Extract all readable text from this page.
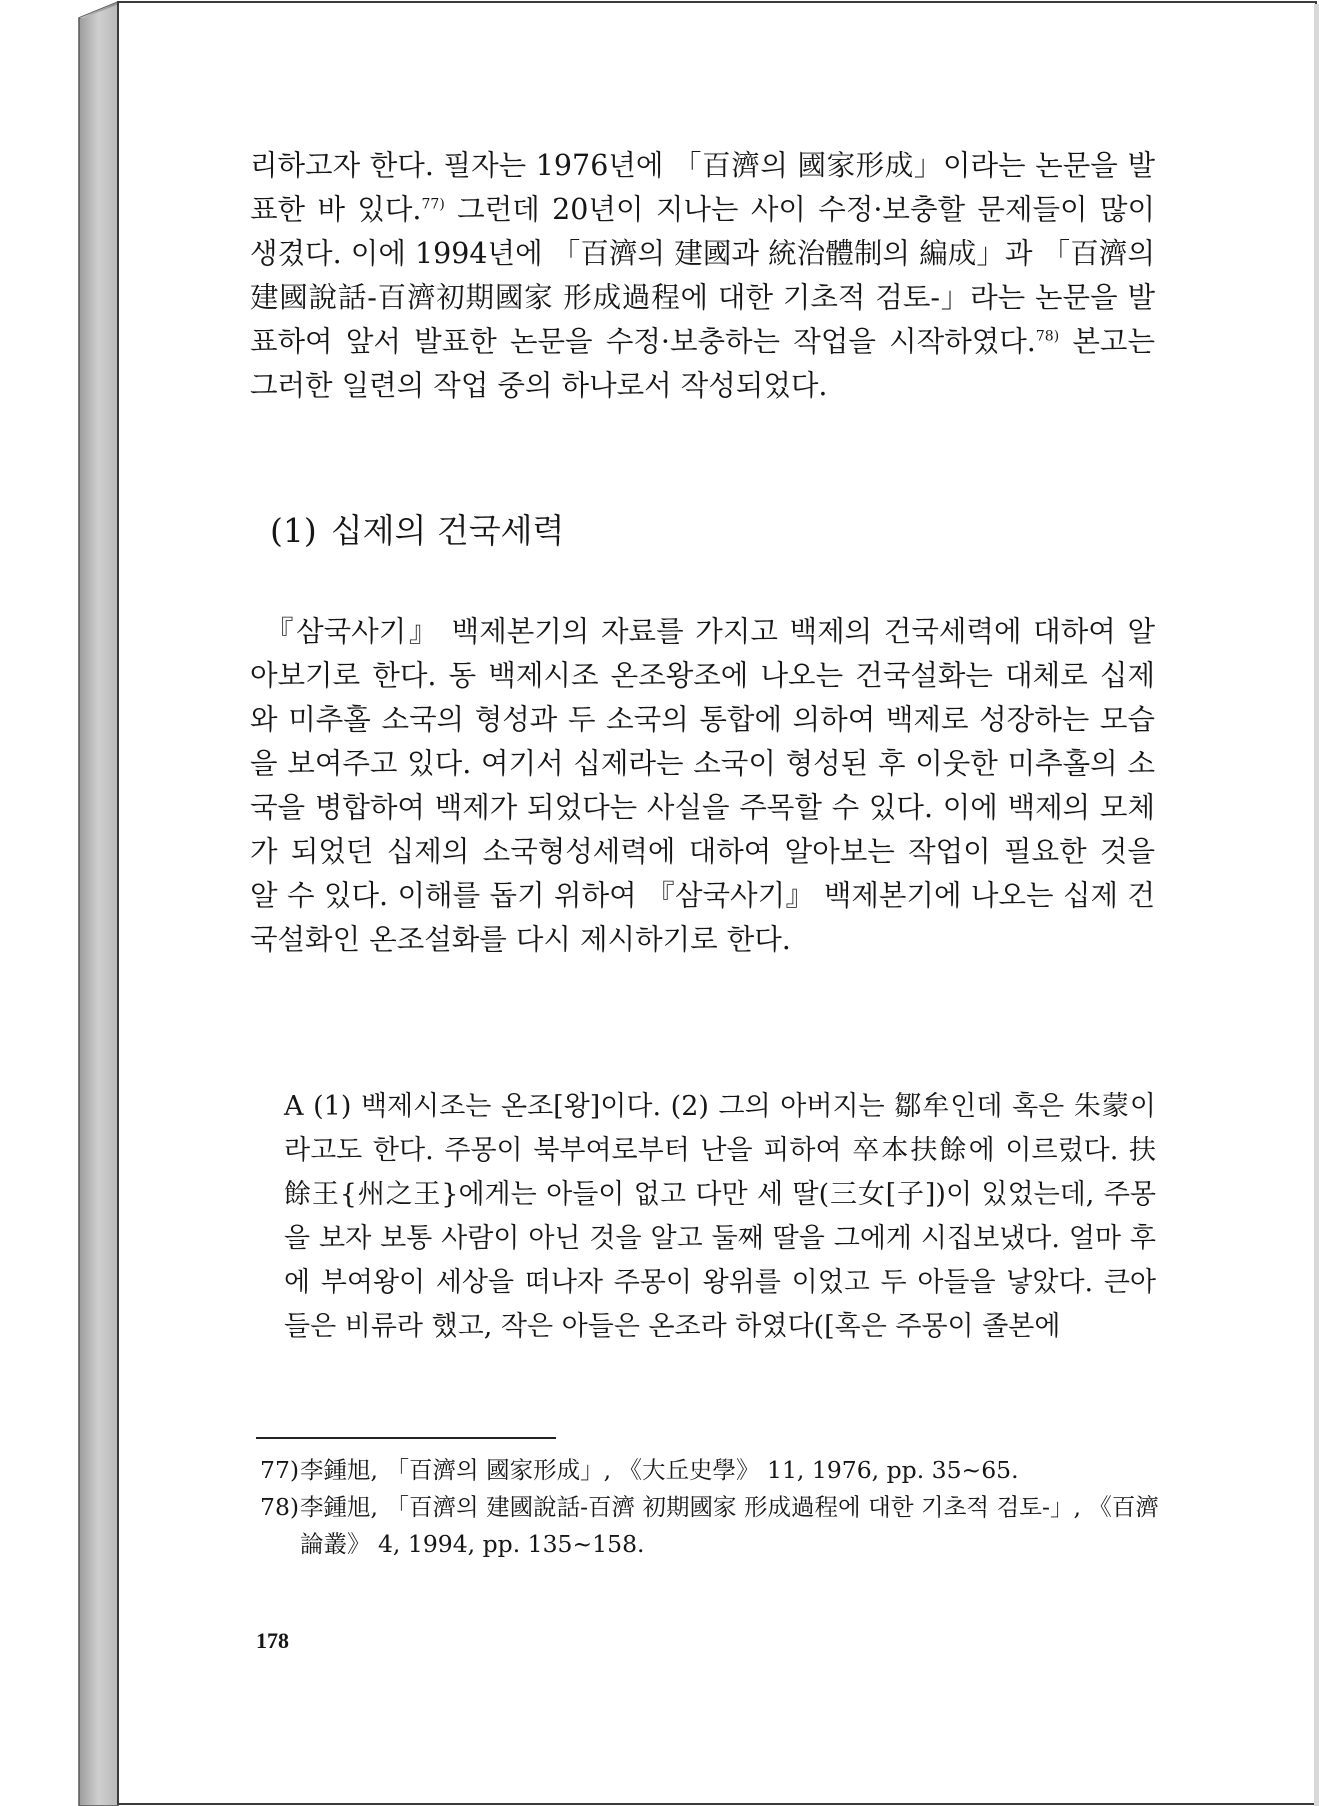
리하고자 한다. 필자는 1976년에 「百濟의 國家形成」이라는 논문을 발표한 바 있다.$^{77)}$ 그런데 20년이 지나는 사이 수정·보충할 문제들이 많이 생겼다. 이에 1994년에 「百濟의 建國과 統治體制의 編成」과 「百濟의 建國說話-百濟初期國家 形成過程에 대한 기초적 검토-」라는 논문을 발표하여 앞서 발표한 논문을 수정·보충하는 작업을 시작하였다.$^{78)}$ 본고는 그러한 일련의 작업 중의 하나로서 작성되었다.

(1) 십제의 건국세력

『삼국사기』 백제본기의 자료를 가지고 백제의 건국세력에 대하여 알아보기로 한다. 동 백제시조 온조왕조에 나오는 건국설화는 대체로 십제와 미추홀 소국의 형성과 두 소국의 통합에 의하여 백제로 성장하는 모습을 보여주고 있다. 여기서 십제라는 소국이 형성된 후 이웃한 미추홀의 소국을 병합하여 백제가 되었다는 사실을 주목할 수 있다. 이에 백제의 모체가 되었던 십제의 소국형성세력에 대하여 알아보는 작업이 필요한 것을 알 수 있다. 이해를 돕기 위하여 『삼국사기』 백제본기에 나오는 십제 건국설화인 온조설화를 다시 제시하기로 한다.

A (1) 백제시조는 온조[왕]이다. (2) 그의 아버지는 鄒牟인데 혹은 朱蒙이라고도 한다. 주몽이 북부여로부터 난을 피하여 卒本扶餘에 이르렀다. 扶餘王{州之王}에게는 아들이 없고 다만 세 딸(三女[子])이 있었는데, 주몽을 보자 보통 사람이 아닌 것을 알고 둘째 딸을 그에게 시집보냈다. 얼마 후에 부여왕이 세상을 떠나자 주몽이 왕위를 이었고 두 아들을 낳았다. 큰아들은 비류라 했고, 작은 아들은 온조라 하였다([혹은 주몽이 졸본에

77) 李鍾旭, 「百濟의 國家形成」, 《大丘史學》 11, 1976, pp. 35~65.
78) 李鍾旭, 「百濟의 建國說話-百濟 初期國家 形成過程에 대한 기초적 검토-」, 《百濟論叢》 4, 1994, pp. 135~158.
178
